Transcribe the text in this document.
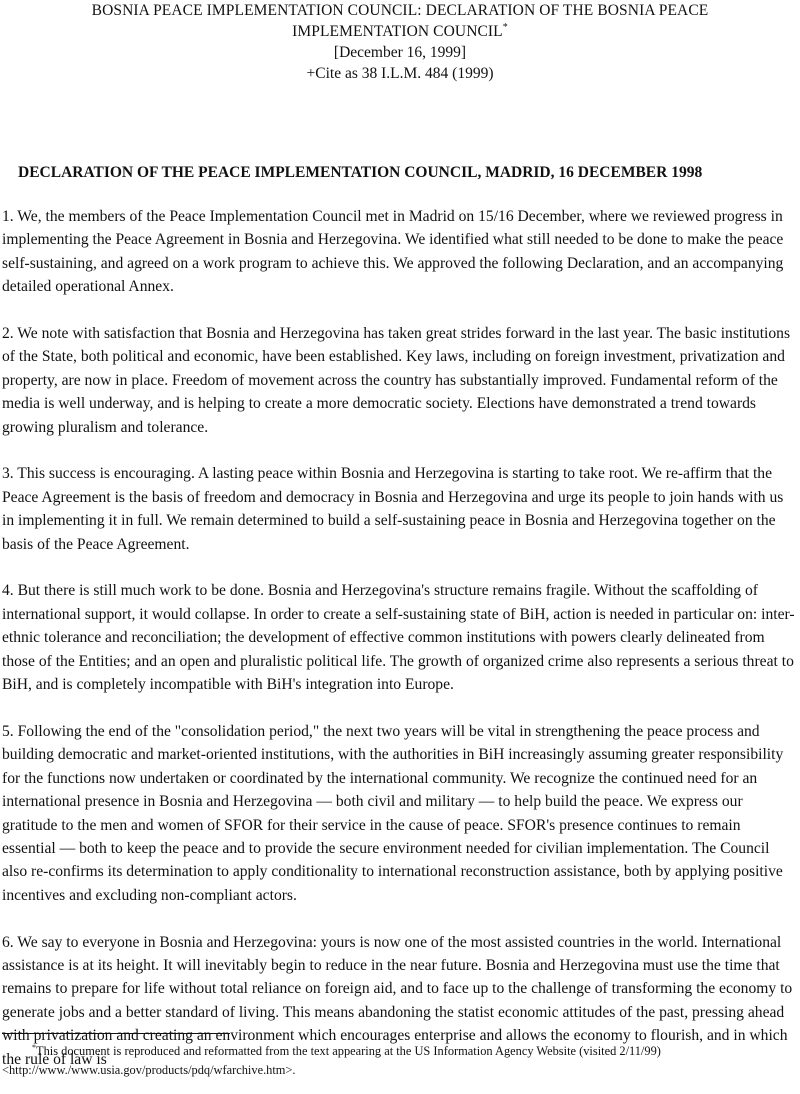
BOSNIA PEACE IMPLEMENTATION COUNCIL: DECLARATION OF THE BOSNIA PEACE
IMPLEMENTATION COUNCIL*
[December 16, 1999]
+Cite as 38 I.L.M. 484 (1999)
DECLARATION OF THE PEACE IMPLEMENTATION COUNCIL, MADRID, 16 DECEMBER 1998

1. We, the members of the Peace Implementation Council met in Madrid on 15/16 December, where we reviewed progress in implementing the Peace Agreement in Bosnia and Herzegovina. We identified what still needed to be done to make the peace self-sustaining, and agreed on a work program to achieve this. We approved the following Declaration, and an accompanying detailed operational Annex.

2. We note with satisfaction that Bosnia and Herzegovina has taken great strides forward in the last year. The basic institutions of the State, both political and economic, have been established. Key laws, including on foreign investment, privatization and property, are now in place. Freedom of movement across the country has substantially improved. Fundamental reform of the media is well underway, and is helping to create a more democratic society. Elections have demonstrated a trend towards growing pluralism and tolerance.

3. This success is encouraging. A lasting peace within Bosnia and Herzegovina is starting to take root. We re-affirm that the Peace Agreement is the basis of freedom and democracy in Bosnia and Herzegovina and urge its people to join hands with us in implementing it in full. We remain determined to build a self-sustaining peace in Bosnia and Herzegovina together on the basis of the Peace Agreement.

4. But there is still much work to be done. Bosnia and Herzegovina's structure remains fragile. Without the scaffolding of international support, it would collapse. In order to create a self-sustaining state of BiH, action is needed in particular on: inter-ethnic tolerance and reconciliation; the development of effective common institutions with powers clearly delineated from those of the Entities; and an open and pluralistic political life. The growth of organized crime also represents a serious threat to BiH, and is completely incompatible with BiH's integration into Europe.

5. Following the end of the "consolidation period," the next two years will be vital in strengthening the peace process and building democratic and market-oriented institutions, with the authorities in BiH increasingly assuming greater responsibility for the functions now undertaken or coordinated by the international community. We recognize the continued need for an international presence in Bosnia and Herzegovina — both civil and military — to help build the peace. We express our gratitude to the men and women of SFOR for their service in the cause of peace. SFOR's presence continues to remain essential — both to keep the peace and to provide the secure environment needed for civilian implementation. The Council also re-confirms its determination to apply conditionality to international reconstruction assistance, both by applying positive incentives and excluding non-compliant actors.

6. We say to everyone in Bosnia and Herzegovina: yours is now one of the most assisted countries in the world. International assistance is at its height. It will inevitably begin to reduce in the near future. Bosnia and Herzegovina must use the time that remains to prepare for life without total reliance on foreign aid, and to face up to the challenge of transforming the economy to generate jobs and a better standard of living. This means abandoning the statist economic attitudes of the past, pressing ahead with privatization and creating an environment which encourages enterprise and allows the economy to flourish, and in which the rule of law is

*This document is reproduced and reformatted from the text appearing at the US Information Agency Website (visited 2/11/99)
<http://www./www.usia.gov/products/pdq/wfarchive.htm>.
